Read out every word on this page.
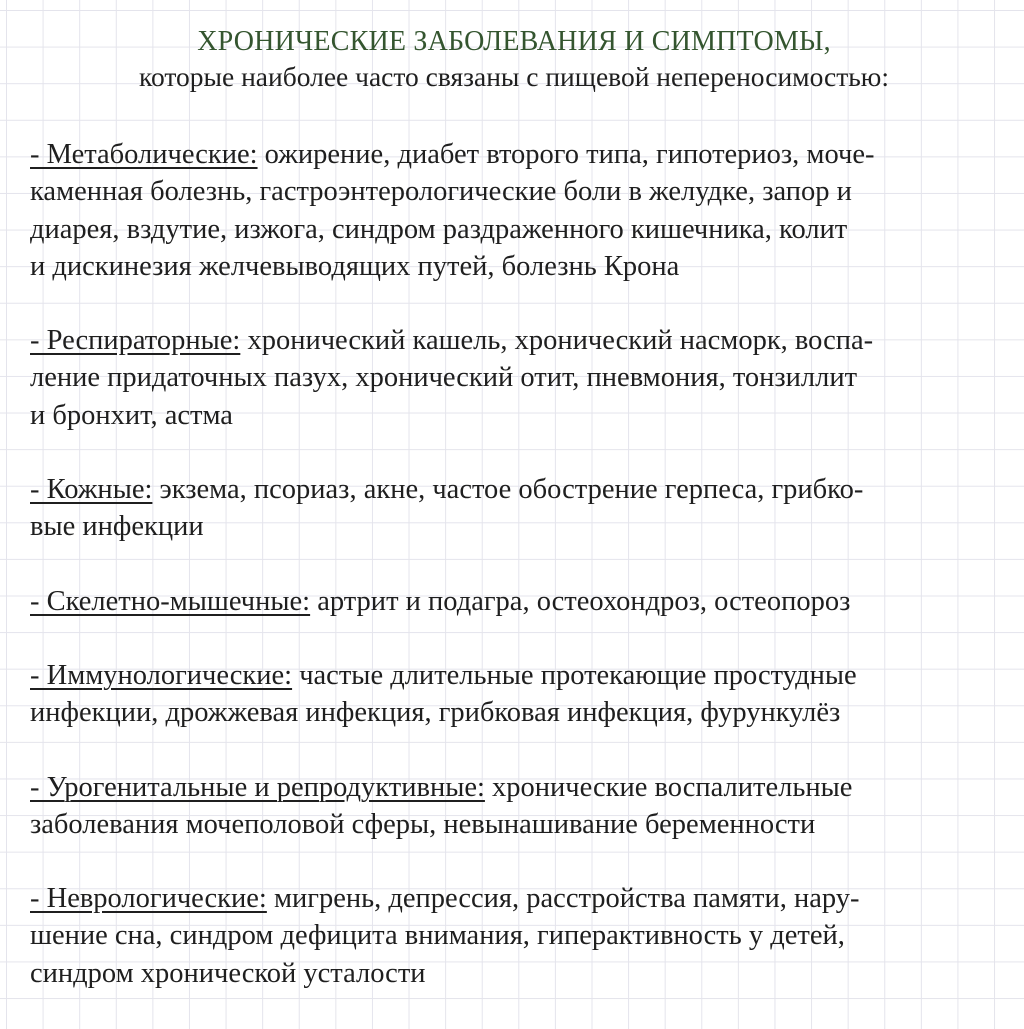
ХРОНИЧЕСКИЕ ЗАБОЛЕВАНИЯ И СИМПТОМЫ,
которые наиболее часто связаны с пищевой непереносимостью:

- Метаболические: ожирение, диабет второго типа, гипотериоз, моче-
каменная болезнь, гастроэнтерологические боли в желудке, запор и
диарея, вздутие, изжога, синдром раздраженного кишечника, колит
и дискинезия желчевыводящих путей, болезнь Крона

- Респираторные: хронический кашель, хронический насморк, воспа-
ление придаточных пазух, хронический отит, пневмония, тонзиллит
и бронхит, астма

- Кожные: экзема, псориаз, акне, частое обострение герпеса, грибко-
вые инфекции

- Скелетно-мышечные: артрит и подагра, остеохондроз, остеопороз

- Иммунологические: частые длительные протекающие простудные
инфекции, дрожжевая инфекция, грибковая инфекция, фурункулёз

- Урогенитальные и репродуктивные: хронические воспалительные
заболевания мочеполовой сферы, невынашивание беременности

- Неврологические: мигрень, депрессия, расстройства памяти, нару-
шение сна, синдром дефицита внимания, гиперактивность у детей,
синдром хронической усталости
